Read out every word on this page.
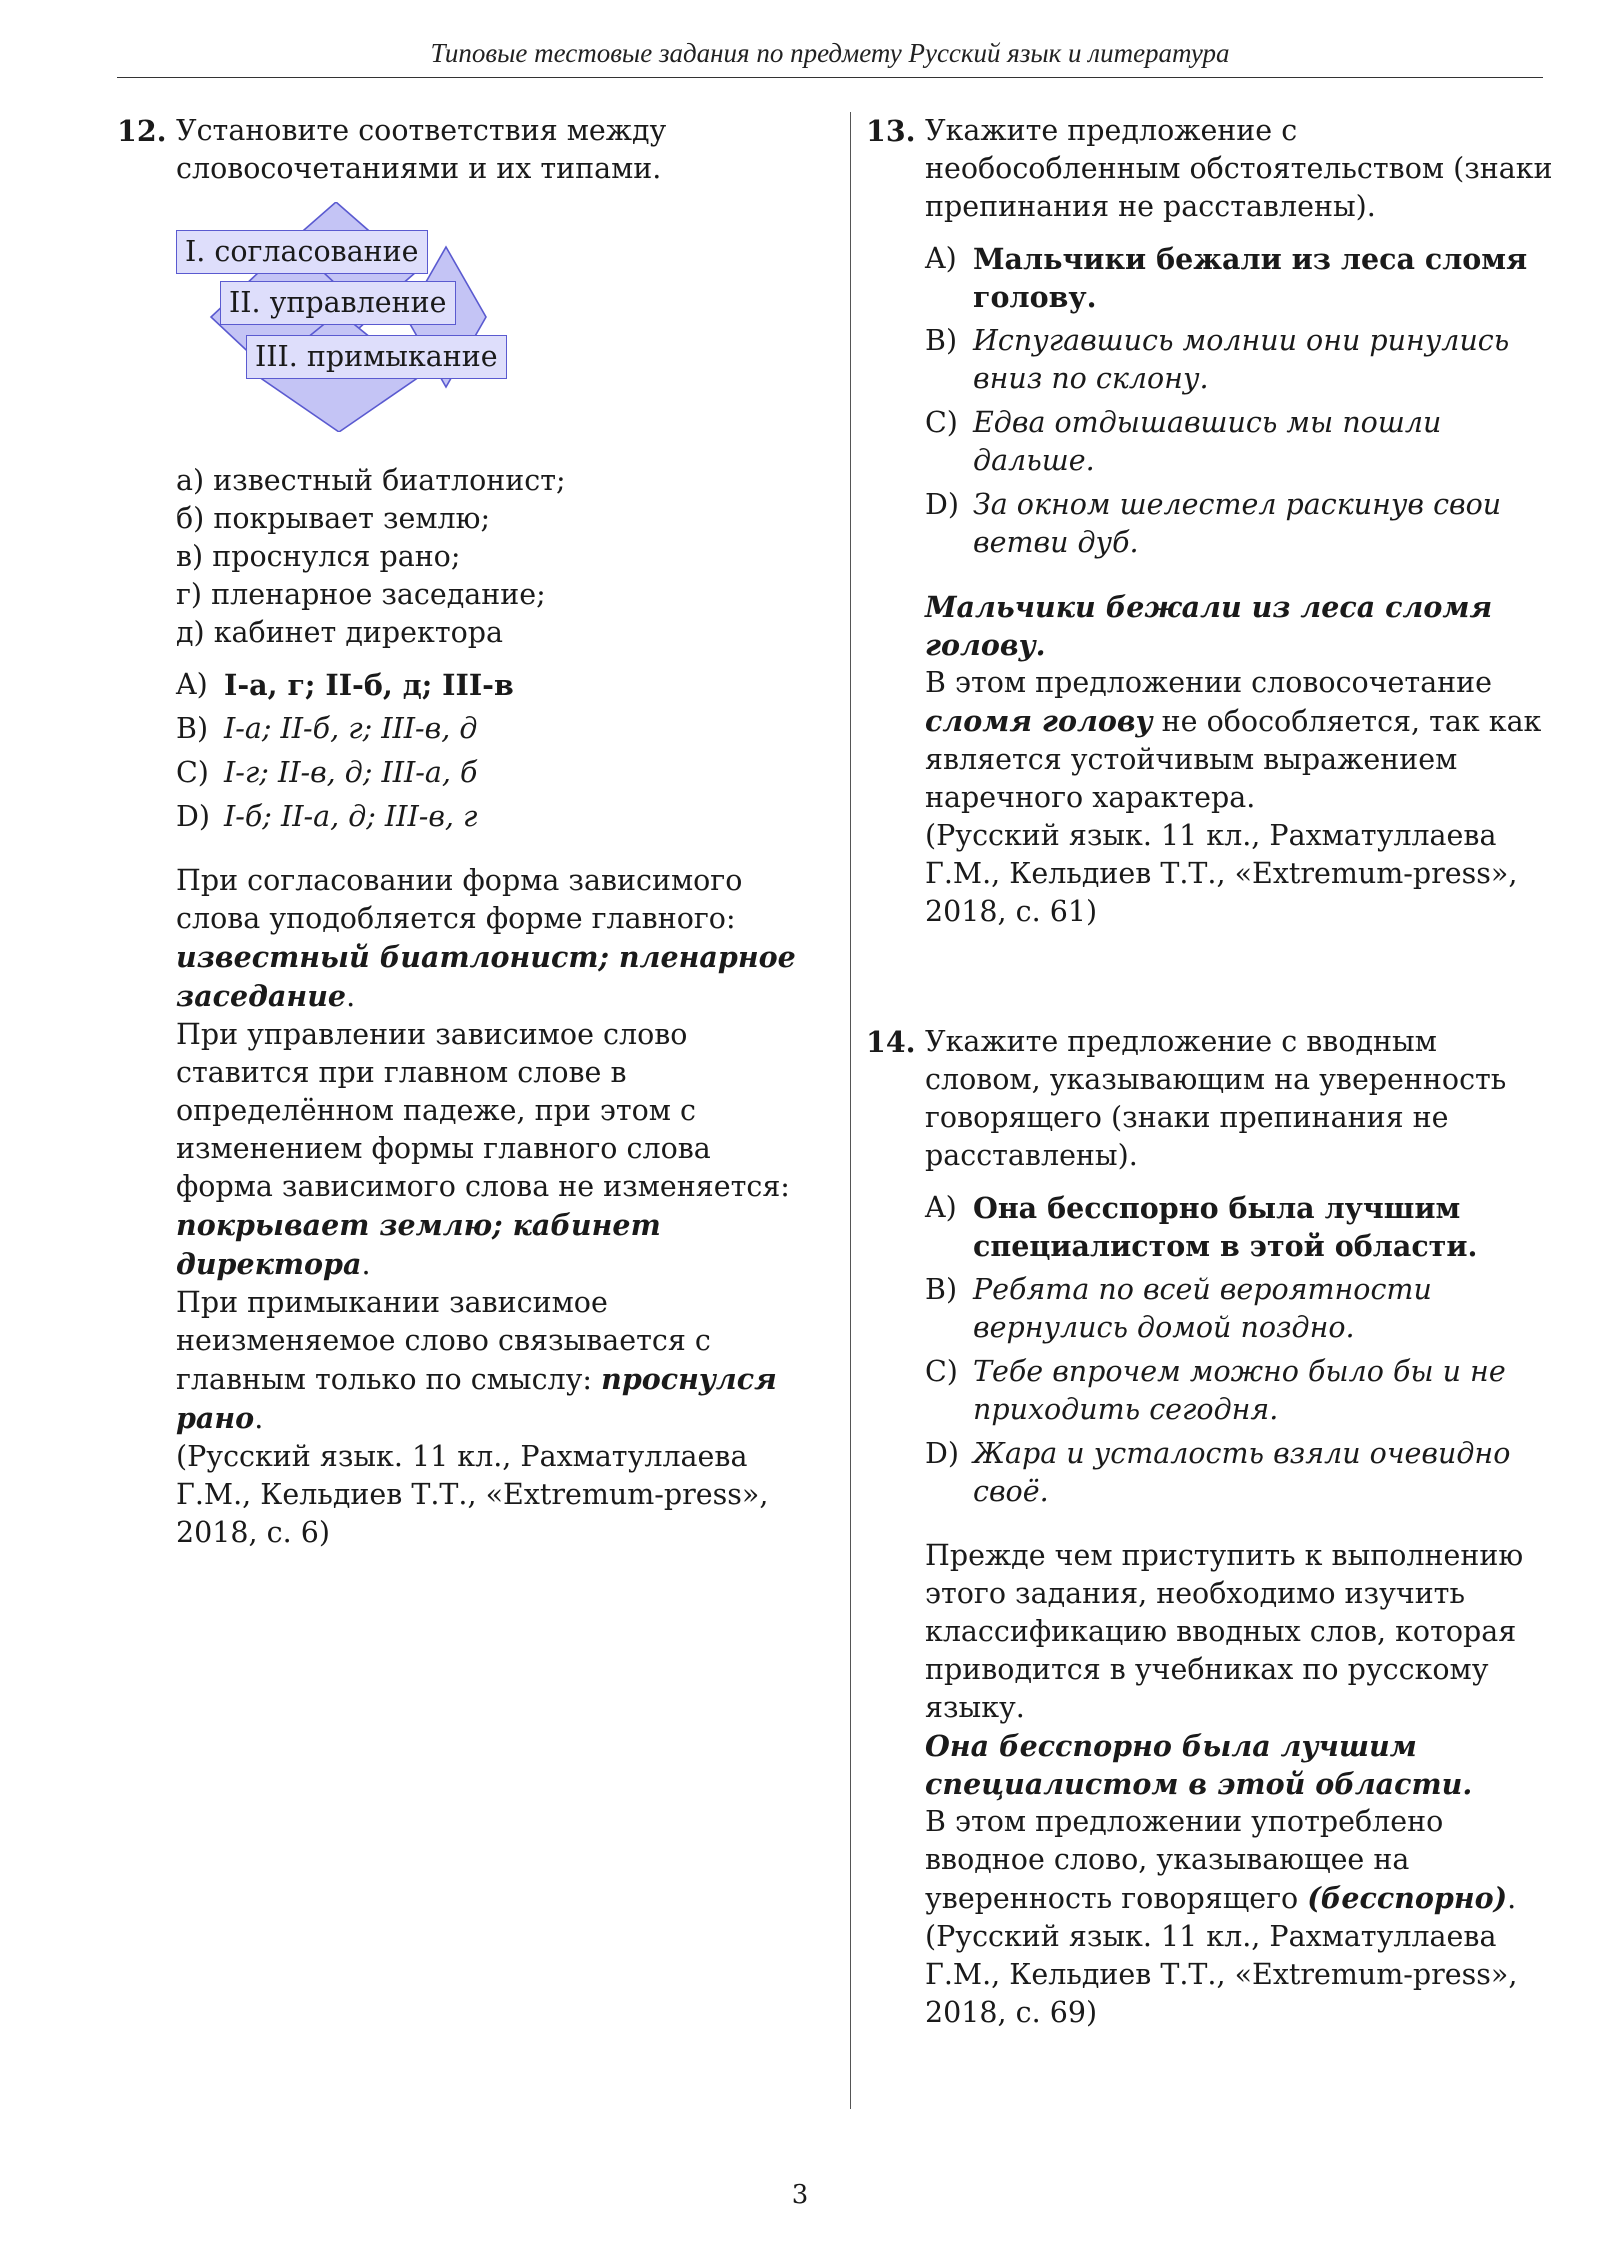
Типовые тестовые задания по предмету Русский язык и литература
12. Установите соответствия между словосочетаниями и их типами.
I. согласование
II. управление
III. примыкание
а) известный биатлонист;
б) покрывает землю;
в) проснулся рано;
г) пленарное заседание;
д) кабинет директора
A) I-а, г; II-б, д; III-в
B) I-а; II-б, г; III-в, д
C) I-г; II-в, д; III-а, б
D) I-б; II-а, д; III-в, г
При согласовании форма зависимого слова уподобляется форме главного: известный биатлонист; пленарное заседание.
При управлении зависимое слово ставится при главном слове в определённом падеже, при этом с изменением формы главного слова форма зависимого слова не изменяется: покрывает землю; кабинет директора.
При примыкании зависимое неизменяемое слово связывается с главным только по смыслу: проснулся рано.
(Русский язык. 11 кл., Рахматуллаева Г.М., Кельдиев Т.Т., «Extremum-press», 2018, с. 6)
13. Укажите предложение с необособленным обстоятельством (знаки препинания не расставлены).
A) Мальчики бежали из леса сломя голову.
B) Испугавшись молнии они ринулись вниз по склону.
C) Едва отдышавшись мы пошли дальше.
D) За окном шелестел раскинув свои ветви дуб.
Мальчики бежали из леса сломя голову.
В этом предложении словосочетание сломя голову не обособляется, так как является устойчивым выражением наречного характера.
(Русский язык. 11 кл., Рахматуллаева Г.М., Кельдиев Т.Т., «Extremum-press», 2018, с. 61)
14. Укажите предложение с вводным словом, указывающим на уверенность говорящего (знаки препинания не расставлены).
A) Она бесспорно была лучшим специалистом в этой области.
B) Ребята по всей вероятности вернулись домой поздно.
C) Тебе впрочем можно было бы и не приходить сегодня.
D) Жара и усталость взяли очевидно своё.
Прежде чем приступить к выполнению этого задания, необходимо изучить классификацию вводных слов, которая приводится в учебниках по русскому языку.
Она бесспорно была лучшим специалистом в этой области.
В этом предложении употреблено вводное слово, указывающее на уверенность говорящего (бесспорно).
(Русский язык. 11 кл., Рахматуллаева Г.М., Кельдиев Т.Т., «Extremum-press», 2018, с. 69)
3
